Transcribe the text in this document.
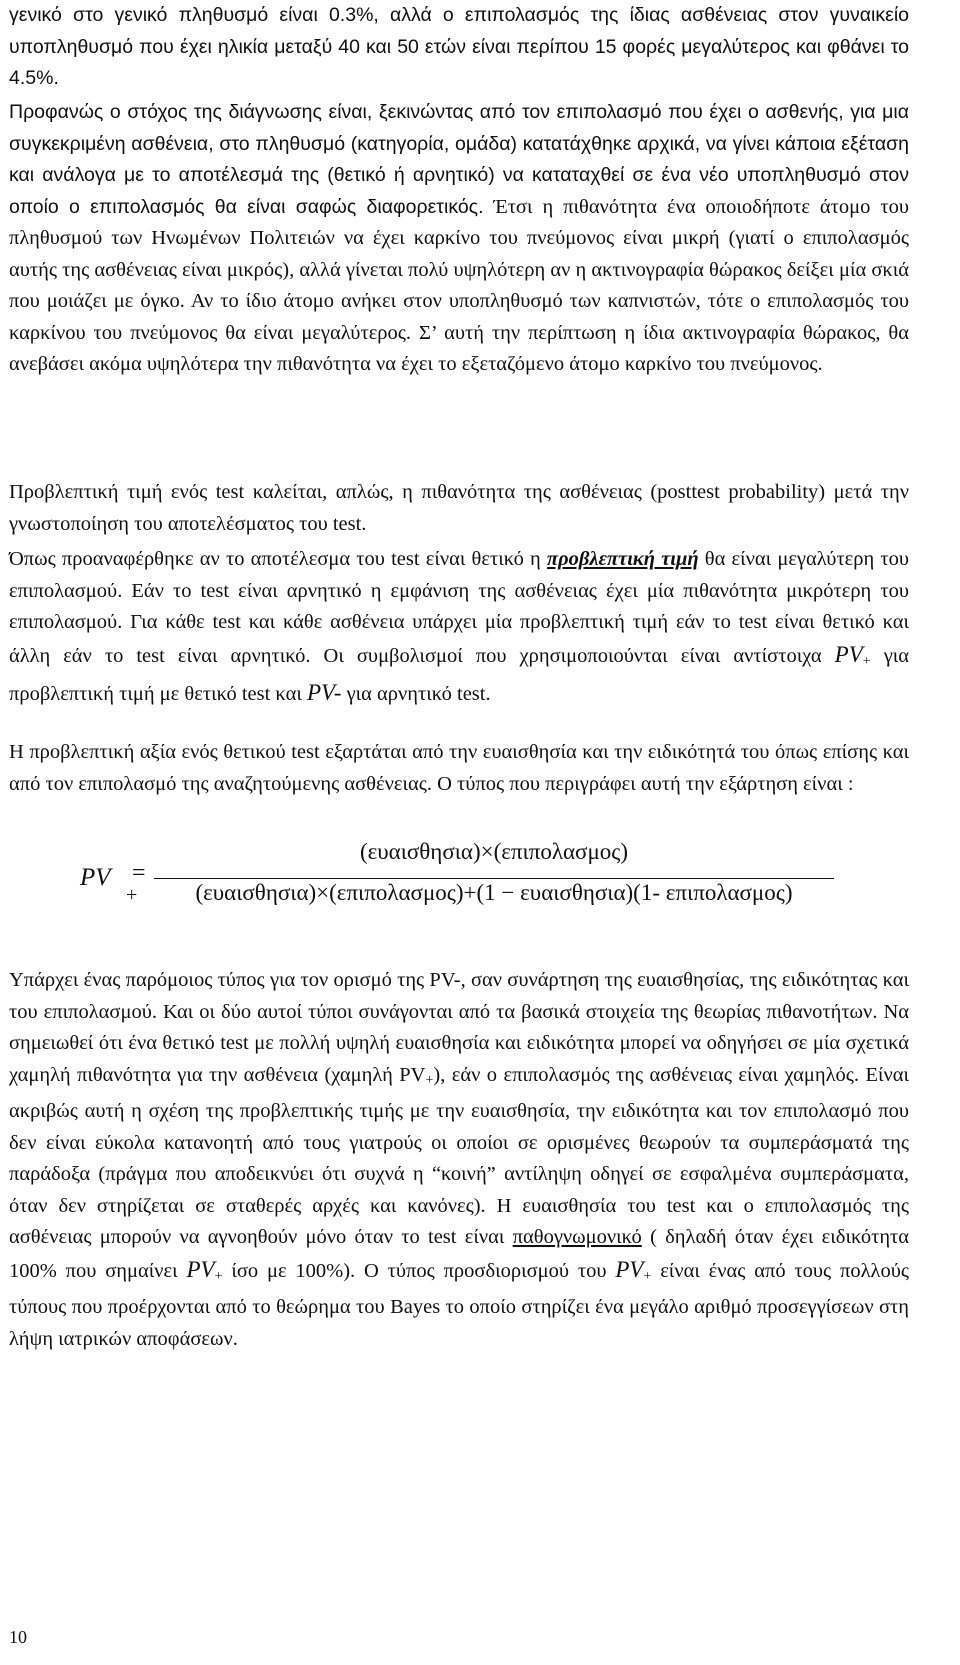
γενικό στο γενικό πληθυσμό είναι 0.3%, αλλά ο επιπολασμός της ίδιας ασθένειας στον γυναικείο υποπληθυσμό που έχει ηλικία μεταξύ 40 και 50 ετών είναι περίπου 15 φορές μεγαλύτερος και φθάνει το 4.5%.

Προφανώς ο στόχος της διάγνωσης είναι, ξεκινώντας από τον επιπολασμό που έχει ο ασθενής, για μια συγκεκριμένη ασθένεια, στο πληθυσμό (κατηγορία, ομάδα) κατατάχθηκε αρχικά, να γίνει κάποια εξέταση και ανάλογα με το αποτέλεσμά της (θετικό ή αρνητικό) να καταταχθεί σε ένα νέο υποπληθυσμό στον οποίο ο επιπολασμός θα είναι σαφώς διαφορετικός. Έτσι η πιθανότητα ένα οποιοδήποτε άτομο του πληθυσμού των Ηνωμένων Πολιτειών να έχει καρκίνο του πνεύμονος είναι μικρή (γιατί ο επιπολασμός αυτής της ασθένειας είναι μικρός), αλλά γίνεται πολύ υψηλότερη αν η ακτινογραφία θώρακος δείξει μία σκιά που μοιάζει με όγκο. Αν το ίδιο άτομο ανήκει στον υποπληθυσμό των καπνιστών, τότε ο επιπολασμός του καρκίνου του πνεύμονος θα είναι μεγαλύτερος. Σ’ αυτή την περίπτωση η ίδια ακτινογραφία θώρακος, θα ανεβάσει ακόμα υψηλότερα την πιθανότητα να έχει το εξεταζόμενο άτομο καρκίνο του πνεύμονος.

Προβλεπτική τιμή ενός test καλείται, απλώς, η πιθανότητα της ασθένειας (posttest probability) μετά την γνωστοποίηση του αποτελέσματος του test.

Όπως προαναφέρθηκε αν το αποτέλεσμα του test είναι θετικό η προβλεπτική τιμή θα είναι μεγαλύτερη του επιπολασμού. Εάν το test είναι αρνητικό η εμφάνιση της ασθένειας έχει μία πιθανότητα μικρότερη του επιπολασμού. Για κάθε test και κάθε ασθένεια υπάρχει μία προβλεπτική τιμή εάν το test είναι θετικό και άλλη εάν το test είναι αρνητικό. Οι συμβολισμοί που χρησιμοποιούνται είναι αντίστοιχα $PV_+$ για προβλεπτική τιμή με θετικό test και PV- για αρνητικό test.

Η προβλεπτική αξία ενός θετικού test εξαρτάται από την ευαισθησία και την ειδικότητά του όπως επίσης και από τον επιπολασμό της αναζητούμενης ασθένειας. Ο τύπος που περιγράφει αυτή την εξάρτηση είναι :

PV
+
=
(ευαισθησια)×(επιπολασμος)
(ευαισθησια)×(επιπολασμος)+(1 − ευαισθησια)(1- επιπολασμος)

Υπάρχει ένας παρόμοιος τύπος για τον ορισμό της PV-, σαν συνάρτηση της ευαισθησίας, της ειδικότητας και του επιπολασμού. Και οι δύο αυτοί τύποι συνάγονται από τα βασικά στοιχεία της θεωρίας πιθανοτήτων. Να σημειωθεί ότι ένα θετικό test με πολλή υψηλή ευαισθησία και ειδικότητα μπορεί να οδηγήσει σε μία σχετικά χαμηλή πιθανότητα για την ασθένεια (χαμηλή $PV_+$), εάν ο επιπολασμός της ασθένειας είναι χαμηλός. Είναι ακριβώς αυτή η σχέση της προβλεπτικής τιμής με την ευαισθησία, την ειδικότητα και τον επιπολασμό που δεν είναι εύκολα κατανοητή από τους γιατρούς οι οποίοι σε ορισμένες θεωρούν τα συμπεράσματά της παράδοξα (πράγμα που αποδεικνύει ότι συχνά η “κοινή” αντίληψη οδηγεί σε εσφαλμένα συμπεράσματα, όταν δεν στηρίζεται σε σταθερές αρχές και κανόνες). Η ευαισθησία του test και ο επιπολασμός της ασθένειας μπορούν να αγνοηθούν μόνο όταν το test είναι παθογνωμονικό ( δηλαδή όταν έχει ειδικότητα 100% που σημαίνει $PV_+$ ίσο με 100%). Ο τύπος προσδιορισμού του $PV_+$ είναι ένας από τους πολλούς τύπους που προέρχονται από το θεώρημα του Bayes το οποίο στηρίζει ένα μεγάλο αριθμό προσεγγίσεων στη λήψη ιατρικών αποφάσεων.

10
